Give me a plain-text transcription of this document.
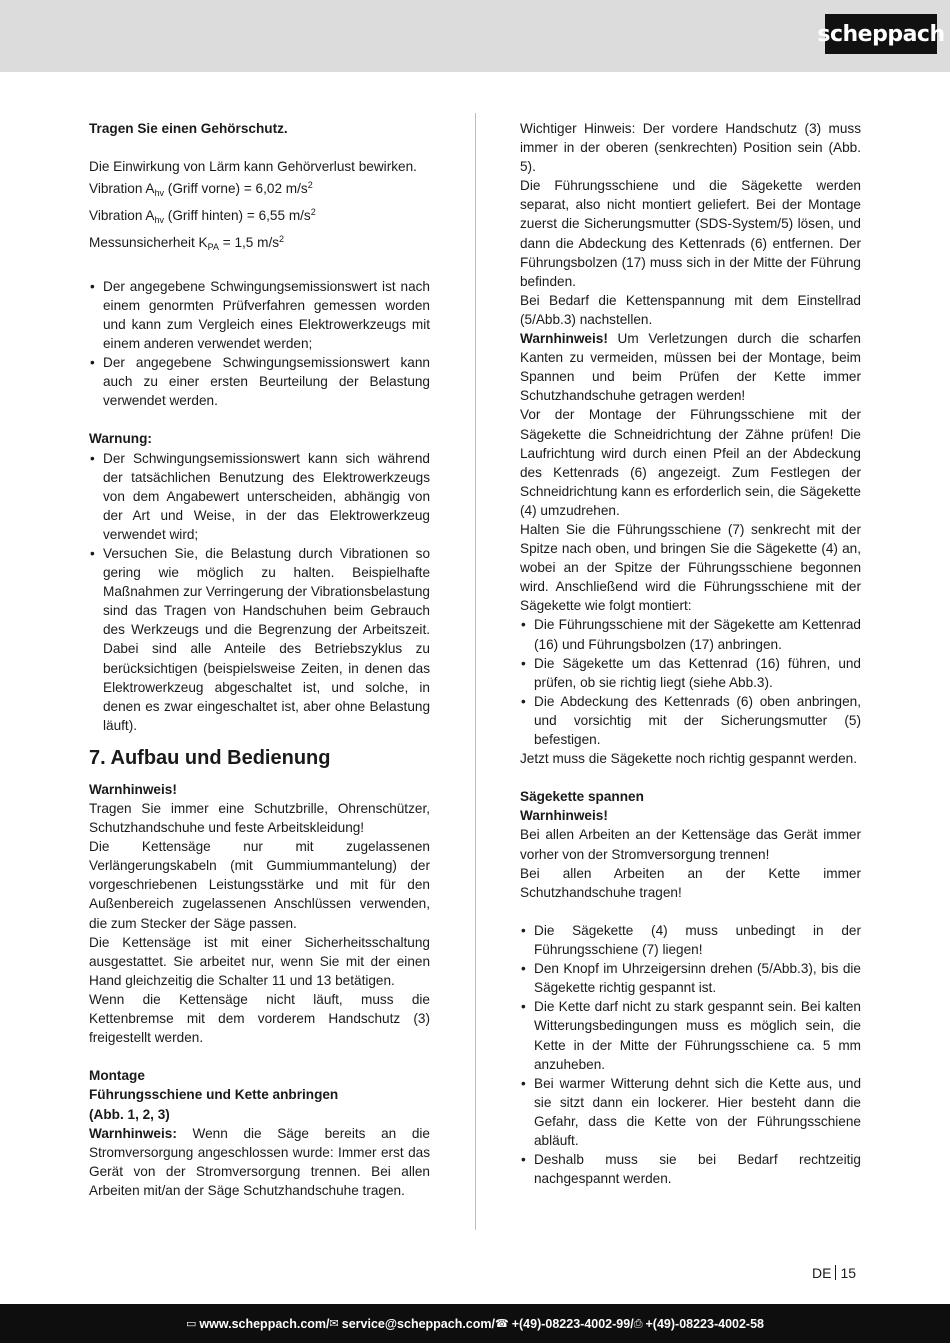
scheppach

Tragen Sie einen Gehörschutz.

Die Einwirkung von Lärm kann Gehörverlust bewirken.

Vibration $A_{hv}$ (Griff vorne) = 6,02 $m/s^2$

Vibration $A_{hv}$ (Griff hinten) = 6,55 $m/s^2$

Messunsicherheit $K_{PA} = 1,5$ $m/s^2$

• Der angegebene Schwingungsemissionswert ist nach einem genormten Prüfverfahren gemessen worden und kann zum Vergleich eines Elektrowerkzeugs mit einem anderen verwendet werden;
• Der angegebene Schwingungsemissionswert kann auch zu einer ersten Beurteilung der Belastung verwendet werden.

Warnung:

• Der Schwingungsemissionswert kann sich während der tatsächlichen Benutzung des Elektrowerkzeugs von dem Angabewert unterscheiden, abhängig von der Art und Weise, in der das Elektrowerkzeug verwendet wird;
• Versuchen Sie, die Belastung durch Vibrationen so gering wie möglich zu halten. Beispielhafte Maßnahmen zur Verringerung der Vibrationsbelastung sind das Tragen von Handschuhen beim Gebrauch des Werkzeugs und die Begrenzung der Arbeitszeit. Dabei sind alle Anteile des Betriebszyklus zu berücksichtigen (beispielsweise Zeiten, in denen das Elektrowerkzeug abgeschaltet ist, und solche, in denen es zwar eingeschaltet ist, aber ohne Belastung läuft).
7. Aufbau und Bedienung

Warnhinweis!

Tragen Sie immer eine Schutzbrille, Ohrenschützer, Schutzhandschuhe und feste Arbeitskleidung!

Die Kettensäge nur mit zugelassenen Verlängerungskabeln (mit Gummiummantelung) der vorgeschriebenen Leistungsstärke und mit für den Außenbereich zugelassenen Anschlüssen verwenden, die zum Stecker der Säge passen.

Die Kettensäge ist mit einer Sicherheitsschaltung ausgestattet. Sie arbeitet nur, wenn Sie mit der einen Hand gleichzeitig die Schalter 11 und 13 betätigen.

Wenn die Kettensäge nicht läuft, muss die Kettenbremse mit dem vorderem Handschutz (3) freigestellt werden.

Montage

Führungsschiene und Kette anbringen

(Abb. 1, 2, 3)

Warnhinweis: Wenn die Säge bereits an die Stromversorgung angeschlossen wurde: Immer erst das Gerät von der Stromversorgung trennen. Bei allen Arbeiten mit/an der Säge Schutzhandschuhe tragen.

Wichtiger Hinweis: Der vordere Handschutz (3) muss immer in der oberen (senkrechten) Position sein (Abb. 5).

Die Führungsschiene und die Sägekette werden separat, also nicht montiert geliefert. Bei der Montage zuerst die Sicherungsmutter (SDS-System/5) lösen, und dann die Abdeckung des Kettenrads (6) entfernen. Der Führungsbolzen (17) muss sich in der Mitte der Führung befinden.

Bei Bedarf die Kettenspannung mit dem Einstellrad (5/Abb.3) nachstellen.

Warnhinweis! Um Verletzungen durch die scharfen Kanten zu vermeiden, müssen bei der Montage, beim Spannen und beim Prüfen der Kette immer Schutzhandschuhe getragen werden!

Vor der Montage der Führungsschiene mit der Sägekette die Schneidrichtung der Zähne prüfen! Die Laufrichtung wird durch einen Pfeil an der Abdeckung des Kettenrads (6) angezeigt. Zum Festlegen der Schneidrichtung kann es erforderlich sein, die Sägekette (4) umzudrehen.

Halten Sie die Führungsschiene (7) senkrecht mit der Spitze nach oben, und bringen Sie die Sägekette (4) an, wobei an der Spitze der Führungsschiene begonnen wird. Anschließend wird die Führungsschiene mit der Sägekette wie folgt montiert:

• Die Führungsschiene mit der Sägekette am Kettenrad (16) und Führungsbolzen (17) anbringen.
• Die Sägekette um das Kettenrad (16) führen, und prüfen, ob sie richtig liegt (siehe Abb.3).
• Die Abdeckung des Kettenrads (6) oben anbringen, und vorsichtig mit der Sicherungsmutter (5) befestigen.

Jetzt muss die Sägekette noch richtig gespannt werden.

Sägekette spannen

Warnhinweis!

Bei allen Arbeiten an der Kettensäge das Gerät immer vorher von der Stromversorgung trennen!

Bei allen Arbeiten an der Kette immer Schutzhandschuhe tragen!

• Die Sägekette (4) muss unbedingt in der Führungsschiene (7) liegen!
• Den Knopf im Uhrzeigersinn drehen (5/Abb.3), bis die Sägekette richtig gespannt ist.
• Die Kette darf nicht zu stark gespannt sein. Bei kalten Witterungsbedingungen muss es möglich sein, die Kette in der Mitte der Führungsschiene ca. 5 mm anzuheben.
• Bei warmer Witterung dehnt sich die Kette aus, und sie sitzt dann ein lockerer. Hier besteht dann die Gefahr, dass die Kette von der Führungsschiene abläuft.
• Deshalb muss sie bei Bedarf rechtzeitig nachgespannt werden.
DE 15
▭ www.scheppach.com / ✉ service@scheppach.com / ☎ +(49)-08223-4002-99 / ⎙ +(49)-08223-4002-58
